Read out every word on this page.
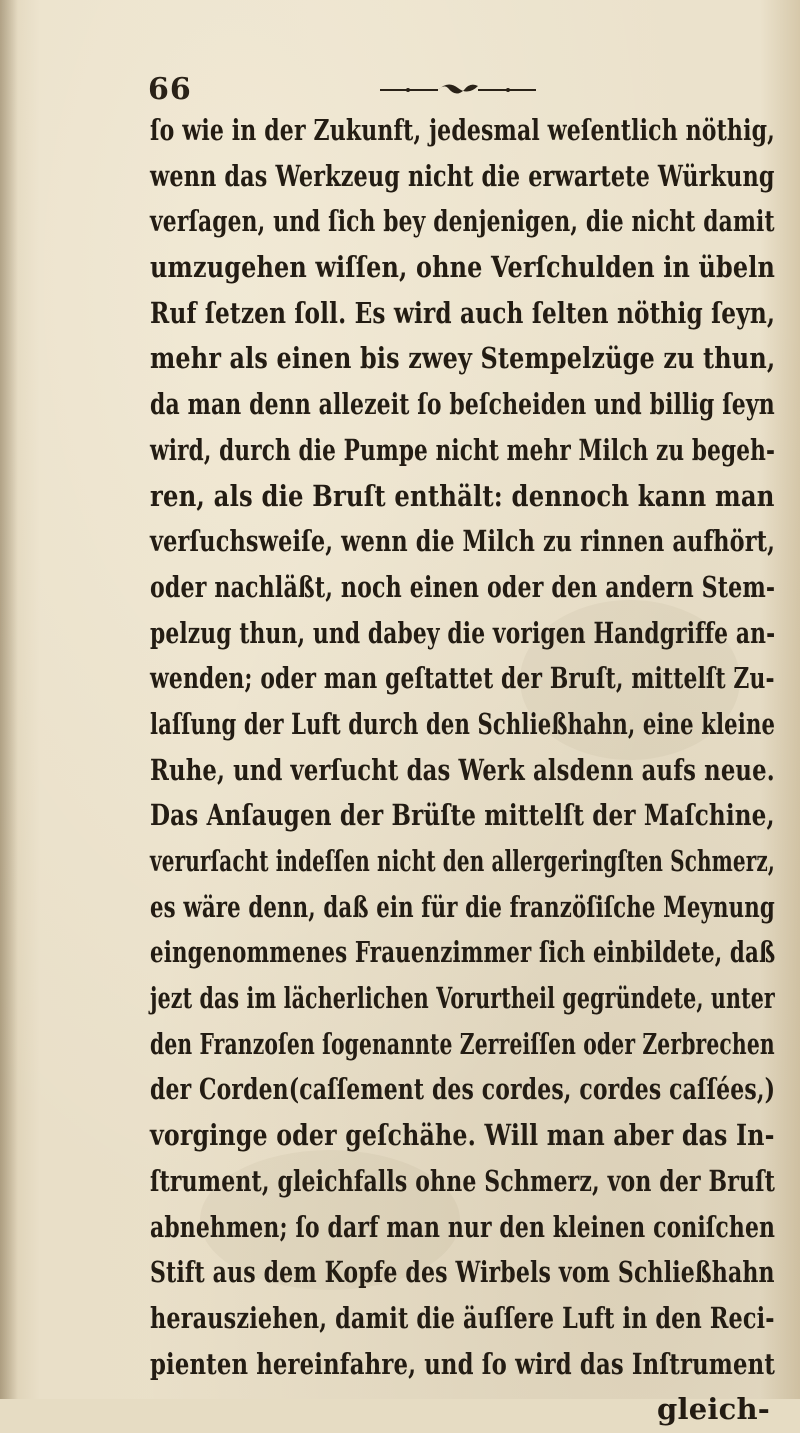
66
ſo wie in der Zukunft, jedesmal weſentlich nöthig,
wenn das Werkzeug nicht die erwartete Würkung
verſagen, und ſich bey denjenigen, die nicht damit
umzugehen wiſſen, ohne Verſchulden in übeln
Ruf ſetzen ſoll. Es wird auch ſelten nöthig ſeyn,
mehr als einen bis zwey Stempelzüge zu thun,
da man denn allezeit ſo beſcheiden und billig ſeyn
wird, durch die Pumpe nicht mehr Milch zu begeh-
ren, als die Bruſt enthält: dennoch kann man
verſuchsweiſe, wenn die Milch zu rinnen aufhört,
oder nachläßt, noch einen oder den andern Stem-
pelzug thun, und dabey die vorigen Handgriffe an-
wenden; oder man geſtattet der Bruſt, mittelſt Zu-
laſſung der Luft durch den Schließhahn, eine kleine
Ruhe, und verſucht das Werk alsdenn aufs neue.
Das Anſaugen der Brüſte mittelſt der Maſchine,
verurſacht indeſſen nicht den allergeringſten Schmerz,
es wäre denn, daß ein für die franzöſiſche Meynung
eingenommenes Frauenzimmer ſich einbildete, daß
jezt das im lächerlichen Vorurtheil gegründete, unter
den Franzoſen ſogenannte Zerreiſſen oder Zerbrechen
der Corden(caſſement des cordes, cordes caſſées,)
vorginge oder geſchähe. Will man aber das In-
ſtrument, gleichfalls ohne Schmerz, von der Bruſt
abnehmen; ſo darf man nur den kleinen coniſchen
Stift aus dem Kopfe des Wirbels vom Schließhahn
herausziehen, damit die äuſſere Luft in den Reci-
pienten hereinfahre, und ſo wird das Inſtrument
gleich-
